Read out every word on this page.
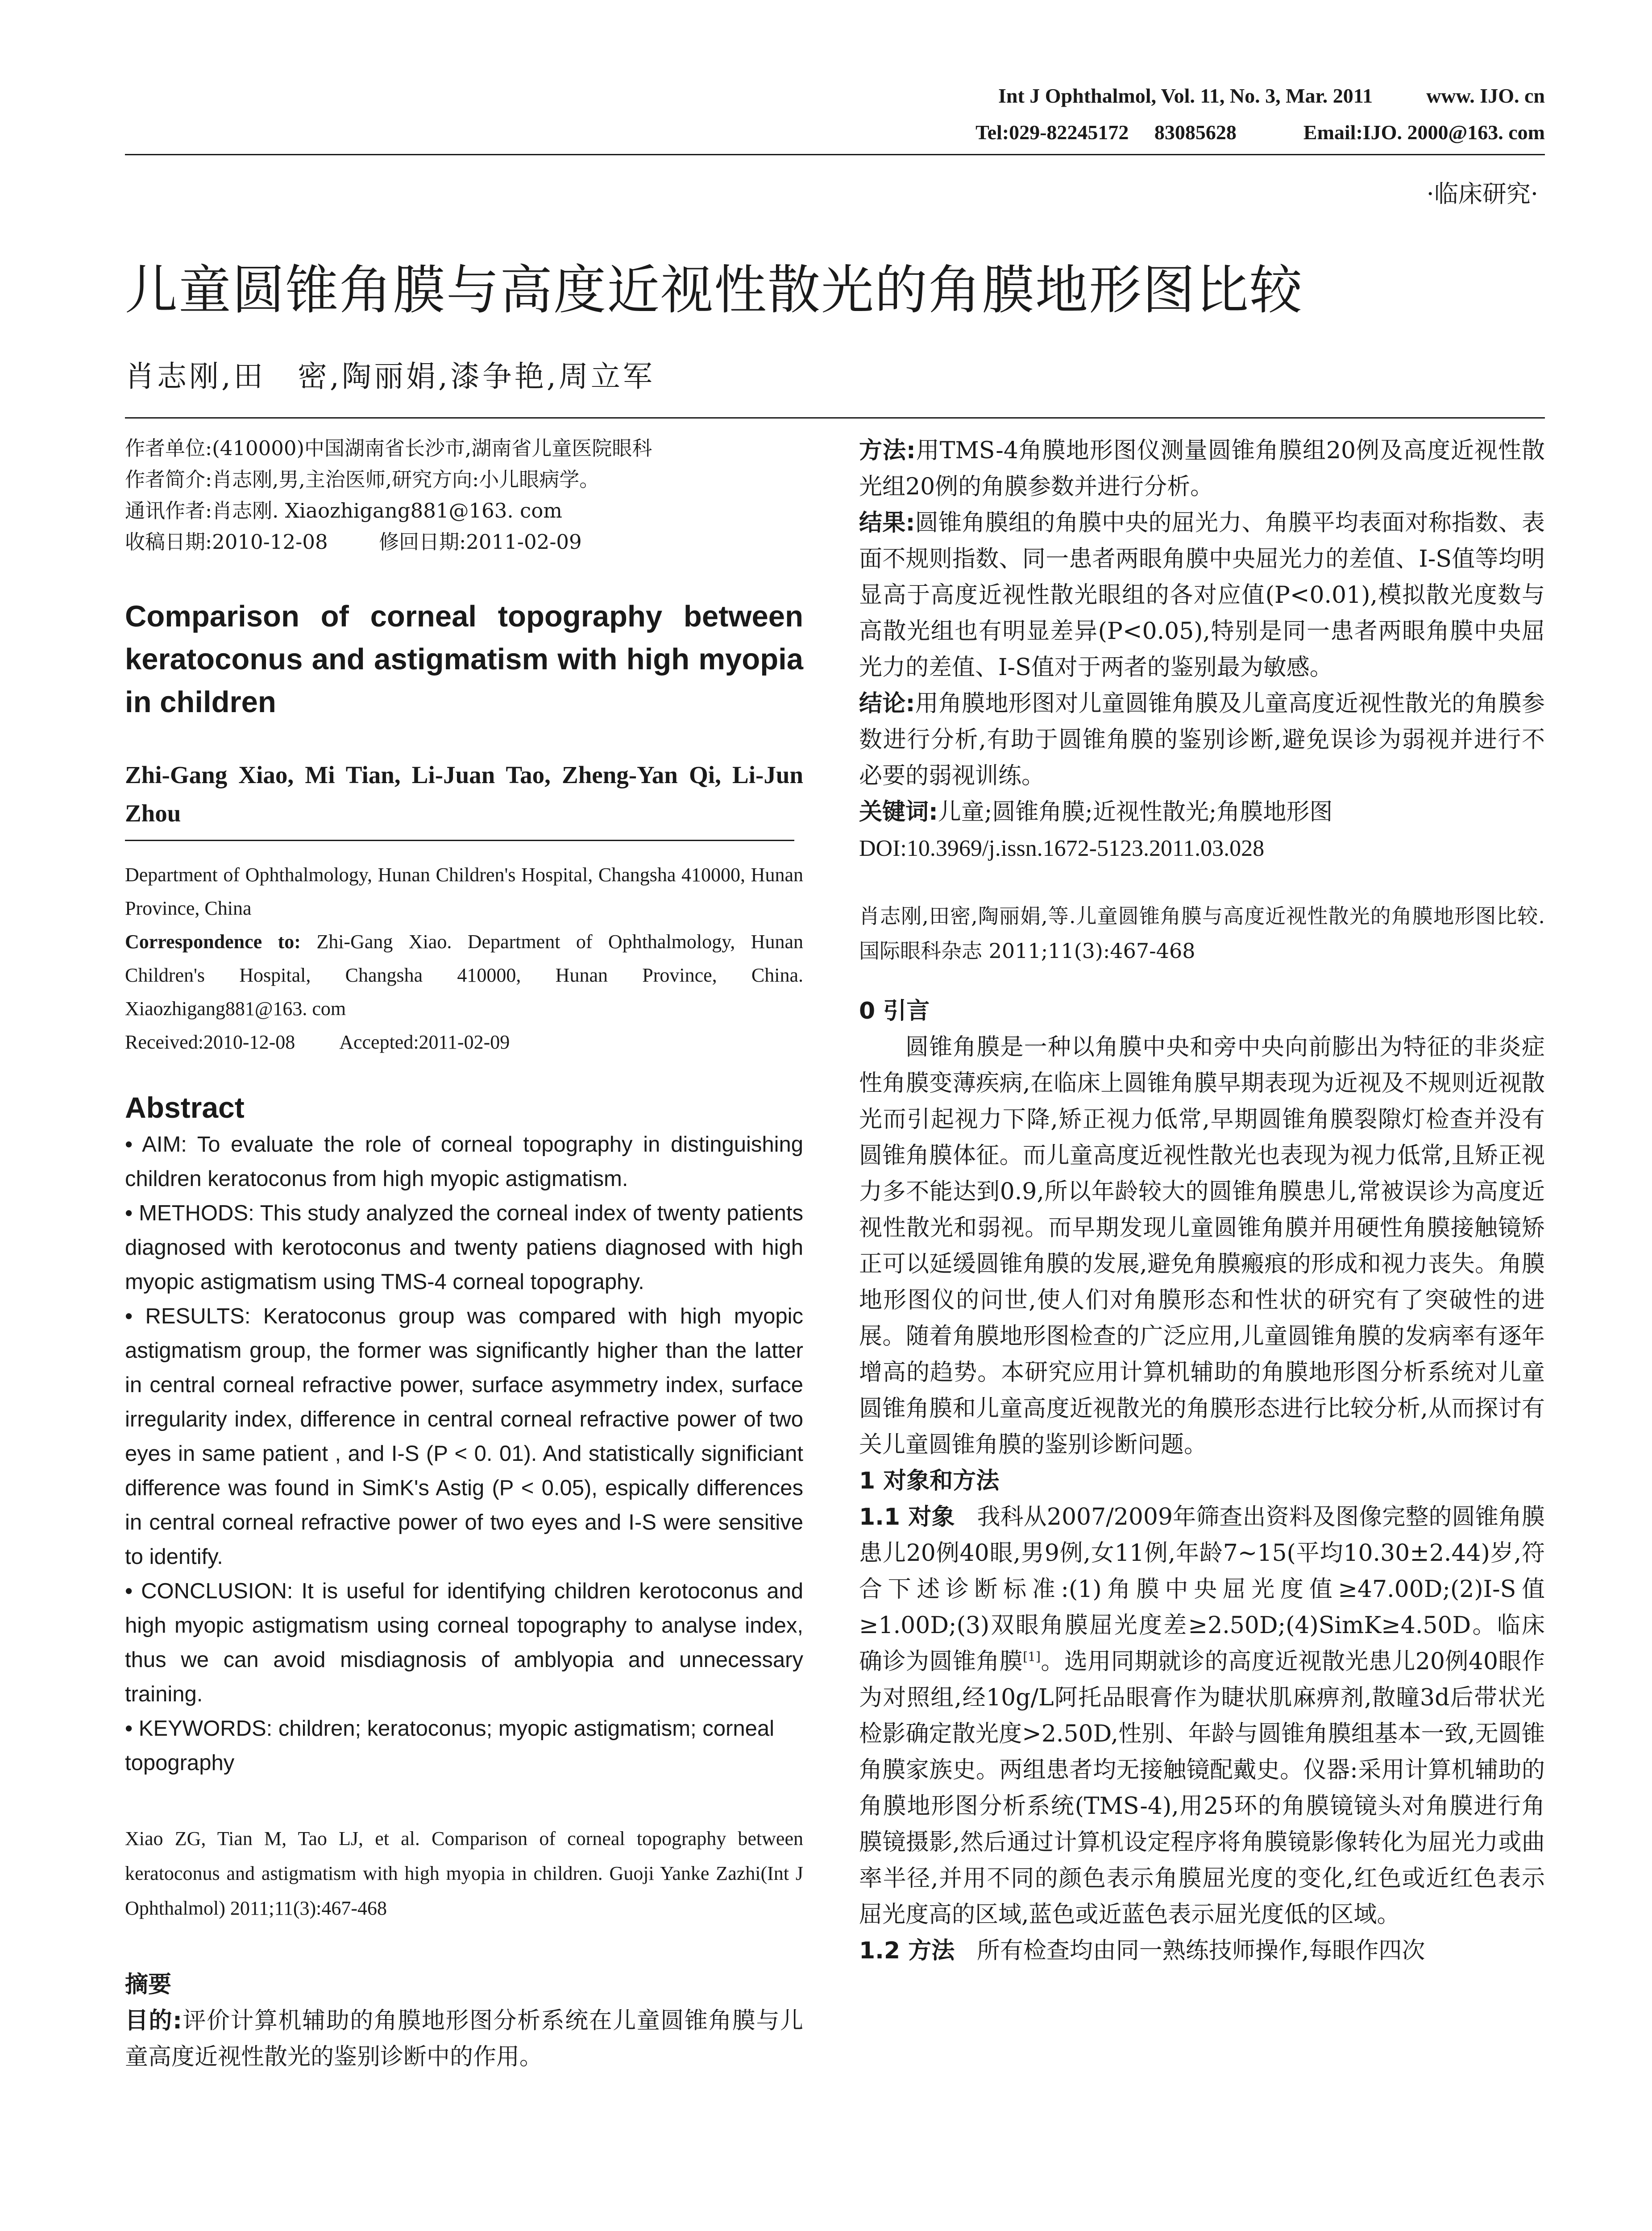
Int J Ophthalmol, Vol. 11, No. 3, Mar. 2011	www. IJO. cn
Tel:029-82245172 83085628	Email:IJO. 2000@163. com
·临床研究·
儿童圆锥角膜与高度近视性散光的角膜地形图比较
肖志刚,田　密,陶丽娟,漆争艳,周立军

作者单位:(410000)中国湖南省长沙市,湖南省儿童医院眼科

作者简介:肖志刚,男,主治医师,研究方向:小儿眼病学。

通讯作者:肖志刚. Xiaozhigang881@163. com

收稿日期:2010-12-08	修回日期:2011-02-09

Comparison of corneal topography between keratoconus and astigmatism with high myopia in children

Zhi-Gang Xiao, Mi Tian, Li-Juan Tao, Zheng-Yan Qi, Li-Jun Zhou

Department of Ophthalmology, Hunan Children's Hospital, Changsha 410000, Hunan Province, China

Correspondence to: Zhi-Gang Xiao. Department of Ophthalmology, Hunan Children's Hospital, Changsha 410000, Hunan Province, China. Xiaozhigang881@163. com

Received:2010-12-08 Accepted:2011-02-09

Abstract

• AIM: To evaluate the role of corneal topography in distinguishing children keratoconus from high myopic astigmatism.

• METHODS: This study analyzed the corneal index of twenty patients diagnosed with kerotoconus and twenty patiens diagnosed with high myopic astigmatism using TMS-4 corneal topography.

• RESULTS: Keratoconus group was compared with high myopic astigmatism group, the former was significantly higher than the latter in central corneal refractive power, surface asymmetry index, surface irregularity index, difference in central corneal refractive power of two eyes in same patient , and I-S (P < 0. 01). And statistically significiant difference was found in SimK's Astig (P < 0.05), espically differences in central corneal refractive power of two eyes and I-S were sensitive to identify.

• CONCLUSION: It is useful for identifying children kerotoconus and high myopic astigmatism using corneal topography to analyse index, thus we can avoid misdiagnosis of amblyopia and unnecessary training.

• KEYWORDS: children; keratoconus; myopic astigmatism; corneal topography

Xiao ZG, Tian M, Tao LJ, et al. Comparison of corneal topography between keratoconus and astigmatism with high myopia in children. Guoji Yanke Zazhi(Int J Ophthalmol) 2011;11(3):467-468

摘要

目的:评价计算机辅助的角膜地形图分析系统在儿童圆锥角膜与儿童高度近视性散光的鉴别诊断中的作用。

方法:用TMS-4角膜地形图仪测量圆锥角膜组20例及高度近视性散光组20例的角膜参数并进行分析。

结果:圆锥角膜组的角膜中央的屈光力、角膜平均表面对称指数、表面不规则指数、同一患者两眼角膜中央屈光力的差值、I-S值等均明显高于高度近视性散光眼组的各对应值(P<0.01),模拟散光度数与高散光组也有明显差异(P<0.05),特别是同一患者两眼角膜中央屈光力的差值、I-S值对于两者的鉴别最为敏感。

结论:用角膜地形图对儿童圆锥角膜及儿童高度近视性散光的角膜参数进行分析,有助于圆锥角膜的鉴别诊断,避免误诊为弱视并进行不必要的弱视训练。

关键词:儿童;圆锥角膜;近视性散光;角膜地形图

DOI:10.3969/j.issn.1672-5123.2011.03.028

肖志刚,田密,陶丽娟,等.儿童圆锥角膜与高度近视性散光的角膜地形图比较.国际眼科杂志 2011;11(3):467-468

0 引言

圆锥角膜是一种以角膜中央和旁中央向前膨出为特征的非炎症性角膜变薄疾病,在临床上圆锥角膜早期表现为近视及不规则近视散光而引起视力下降,矫正视力低常,早期圆锥角膜裂隙灯检查并没有圆锥角膜体征。而儿童高度近视性散光也表现为视力低常,且矫正视力多不能达到0.9,所以年龄较大的圆锥角膜患儿,常被误诊为高度近视性散光和弱视。而早期发现儿童圆锥角膜并用硬性角膜接触镜矫正可以延缓圆锥角膜的发展,避免角膜瘢痕的形成和视力丧失。角膜地形图仪的问世,使人们对角膜形态和性状的研究有了突破性的进展。随着角膜地形图检查的广泛应用,儿童圆锥角膜的发病率有逐年增高的趋势。本研究应用计算机辅助的角膜地形图分析系统对儿童圆锥角膜和儿童高度近视散光的角膜形态进行比较分析,从而探讨有关儿童圆锥角膜的鉴别诊断问题。

1 对象和方法

1.1 对象 我科从2007/2009年筛查出资料及图像完整的圆锥角膜患儿20例40眼,男9例,女11例,年龄7~15(平均10.30±2.44)岁,符合下述诊断标准:(1)角膜中央屈光度值≥47.00D;(2)I-S值≥1.00D;(3)双眼角膜屈光度差≥2.50D;(4)SimK≥4.50D。临床确诊为圆锥角膜[1]。选用同期就诊的高度近视散光患儿20例40眼作为对照组,经10g/L阿托品眼膏作为睫状肌麻痹剂,散瞳3d后带状光检影确定散光度>2.50D,性别、年龄与圆锥角膜组基本一致,无圆锥角膜家族史。两组患者均无接触镜配戴史。仪器:采用计算机辅助的角膜地形图分析系统(TMS-4),用25环的角膜镜镜头对角膜进行角膜镜摄影,然后通过计算机设定程序将角膜镜影像转化为屈光力或曲率半径,并用不同的颜色表示角膜屈光度的变化,红色或近红色表示屈光度高的区域,蓝色或近蓝色表示屈光度低的区域。

1.2 方法 所有检查均由同一熟练技师操作,每眼作四次
